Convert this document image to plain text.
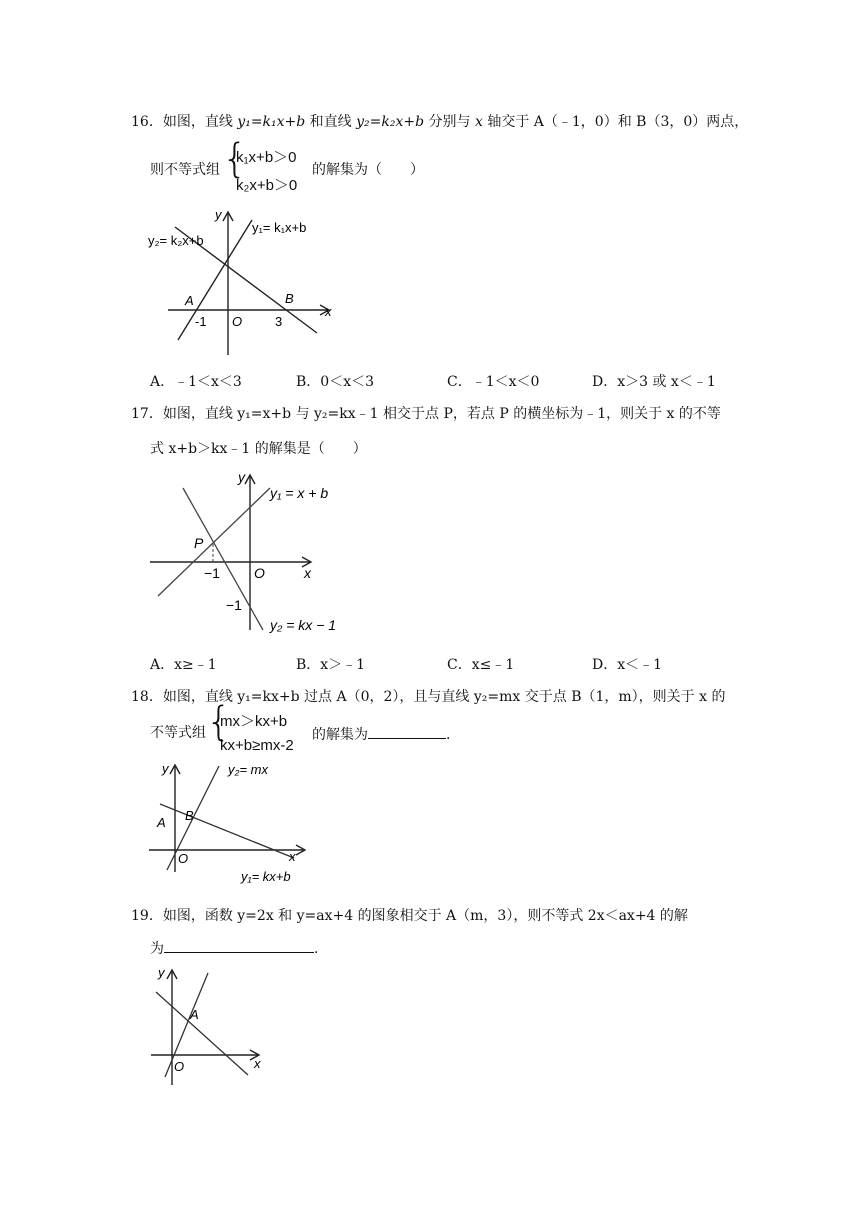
16．如图，直线 y₁=k₁x+b 和直线 y₂=k₂x+b 分别与 x 轴交于 A（﹣1，0）和 B（3，0）两点，
则不等式组 {
k₁x+b＞0
k₂x+b＞0
的解集为（　　）
y₂= k₂x+b
y₁= k₁x+b
y
x
A	B
O
-1	3
A．﹣1＜x＜3	B．0＜x＜3	C．﹣1＜x＜0	D．x＞3 或 x＜﹣1
17．如图，直线 y₁=x+b 与 y₂=kx﹣1 相交于点 P，若点 P 的横坐标为﹣1，则关于 x 的不等
式 x+b＞kx﹣1 的解集是（　　）
y
x
P
O
−1
−1
y₁ = x + b
y₂ = kx − 1
A．x≥﹣1	B．x＞﹣1	C．x≤﹣1	D．x＜﹣1
18．如图，直线 y₁=kx+b 过点 A（0，2），且与直线 y₂=mx 交于点 B（1，m），则关于 x 的
不等式组 {
mx＞kx+b
kx+b≥mx-2
的解集为	.
y
x
A B
O
y₂= mx
y₁= kx+b
19．如图，函数 y=2x 和 y=ax+4 的图象相交于 A（m，3），则不等式 2x＜ax+4 的解
为	.
y
x
A
O
